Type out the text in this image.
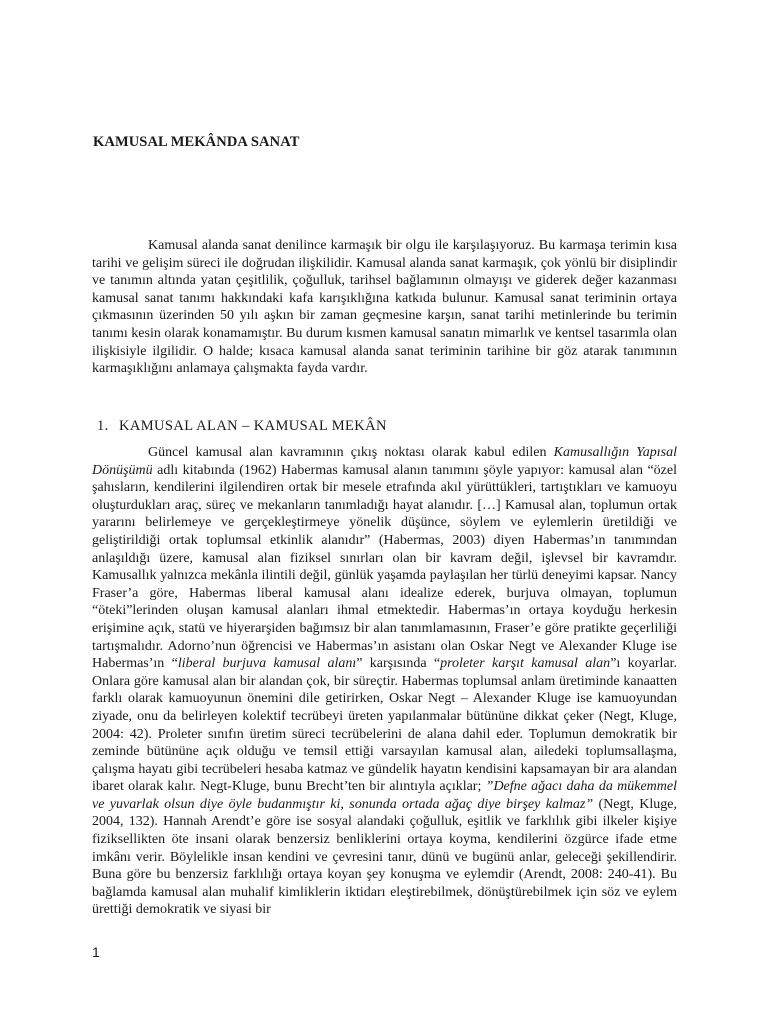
KAMUSAL MEKÂNDA SANAT

Kamusal alanda sanat denilince karmaşık bir olgu ile karşılaşıyoruz. Bu karmaşa terimin kısa tarihi ve gelişim süreci ile doğrudan ilişkilidir. Kamusal alanda sanat karmaşık, çok yönlü bir disiplindir ve tanımın altında yatan çeşitlilik, çoğulluk, tarihsel bağlamının olmayışı ve giderek değer kazanması kamusal sanat tanımı hakkındaki kafa karışıklığına katkıda bulunur. Kamusal sanat teriminin ortaya çıkmasının üzerinden 50 yılı aşkın bir zaman geçmesine karşın, sanat tarihi metinlerinde bu terimin tanımı kesin olarak konamamıştır. Bu durum kısmen kamusal sanatın mimarlık ve kentsel tasarımla olan ilişkisiyle ilgilidir. O halde; kısaca kamusal alanda sanat teriminin tarihine bir göz atarak tanımının karmaşıklığını anlamaya çalışmakta fayda vardır.

1. KAMUSAL ALAN – KAMUSAL MEKÂN

Güncel kamusal alan kavramının çıkış noktası olarak kabul edilen Kamusallığın Yapısal Dönüşümü adlı kitabında (1962) Habermas kamusal alanın tanımını şöyle yapıyor: kamusal alan “özel şahısların, kendilerini ilgilendiren ortak bir mesele etrafında akıl yürüttükleri, tartıştıkları ve kamuoyu oluşturdukları araç, süreç ve mekanların tanımladığı hayat alanıdır. […] Kamusal alan, toplumun ortak yararını belirlemeye ve gerçekleştirmeye yönelik düşünce, söylem ve eylemlerin üretildiği ve geliştirildiği ortak toplumsal etkinlik alanıdır” (Habermas, 2003) diyen Habermas’ın tanımından anlaşıldığı üzere, kamusal alan fiziksel sınırları olan bir kavram değil, işlevsel bir kavramdır. Kamusallık yalnızca mekânla ilintili değil, günlük yaşamda paylaşılan her türlü deneyimi kapsar. Nancy Fraser’a göre, Habermas liberal kamusal alanı idealize ederek, burjuva olmayan, toplumun “öteki”lerinden oluşan kamusal alanları ihmal etmektedir. Habermas’ın ortaya koyduğu herkesin erişimine açık, statü ve hiyerarşiden bağımsız bir alan tanımlamasının, Fraser’e göre pratikte geçerliliği tartışmalıdır. Adorno’nun öğrencisi ve Habermas’ın asistanı olan Oskar Negt ve Alexander Kluge ise Habermas’ın “liberal burjuva kamusal alanı” karşısında “proleter karşıt kamusal alan”ı koyarlar. Onlara göre kamusal alan bir alandan çok, bir süreçtir. Habermas toplumsal anlam üretiminde kanaatten farklı olarak kamuoyunun önemini dile getirirken, Oskar Negt – Alexander Kluge ise kamuoyundan ziyade, onu da belirleyen kolektif tecrübeyi üreten yapılanmalar bütününe dikkat çeker (Negt, Kluge, 2004: 42). Proleter sınıfın üretim süreci tecrübelerini de alana dahil eder. Toplumun demokratik bir zeminde bütününe açık olduğu ve temsil ettiği varsayılan kamusal alan, ailedeki toplumsallaşma, çalışma hayatı gibi tecrübeleri hesaba katmaz ve gündelik hayatın kendisini kapsamayan bir ara alandan ibaret olarak kalır. Negt-Kluge, bunu Brecht’ten bir alıntıyla açıklar; ”Defne ağacı daha da mükemmel ve yuvarlak olsun diye öyle budanmıştır ki, sonunda ortada ağaç diye birşey kalmaz” (Negt, Kluge, 2004, 132). Hannah Arendt’e göre ise sosyal alandaki çoğulluk, eşitlik ve farklılık gibi ilkeler kişiye fiziksellikten öte insani olarak benzersiz benliklerini ortaya koyma, kendilerini özgürce ifade etme imkânı verir. Böylelikle insan kendini ve çevresini tanır, dünü ve bugünü anlar, geleceği şekillendirir. Buna göre bu benzersiz farklılığı ortaya koyan şey konuşma ve eylemdir (Arendt, 2008: 240-41). Bu bağlamda kamusal alan muhalif kimliklerin iktidarı eleştirebilmek, dönüştürebilmek için söz ve eylem ürettiği demokratik ve siyasi bir

1
